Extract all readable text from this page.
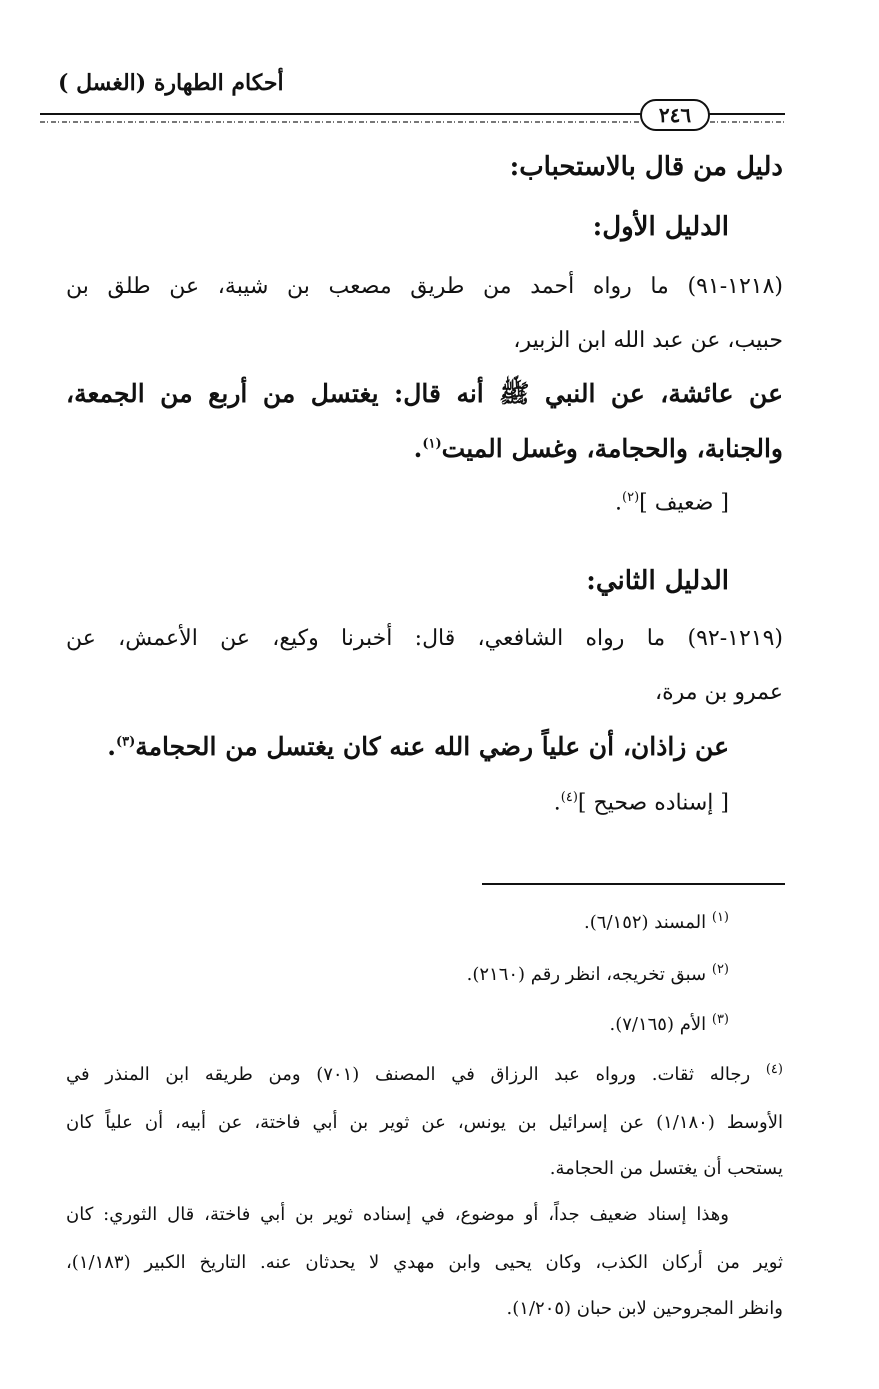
أحكام الطهارة (الغسل )
٢٤٦
دليل من قال بالاستحباب:
الدليل الأول:
(١٢١٨-٩١) ما رواه أحمد من طريق مصعب بن شيبة، عن طلق بن
حبيب، عن عبد الله ابن الزبير،
عن عائشة، عن النبي ﷺ أنه قال: يغتسل من أربع من الجمعة،
والجنابة، والحجامة، وغسل الميت$^{(١)}$.
[ ضعيف ]$^{(٢)}$.
الدليل الثاني:
(١٢١٩-٩٢) ما رواه الشافعي، قال: أخبرنا وكيع، عن الأعمش، عن
عمرو بن مرة،
عن زاذان، أن علياً رضي الله عنه كان يغتسل من الحجامة$^{(٣)}$.
[ إسناده صحيح ]$^{(٤)}$.
$^{(١)}$ المسند (٦/١٥٢).
$^{(٢)}$ سبق تخريجه، انظر رقم (٢١٦٠).
$^{(٣)}$ الأم (٧/١٦٥).
$^{(٤)}$ رجاله ثقات. ورواه عبد الرزاق في المصنف (٧٠١) ومن طريقه ابن المنذر في
الأوسط (١/١٨٠) عن إسرائيل بن يونس، عن ثوير بن أبي فاختة، عن أبيه، أن علياً كان
يستحب أن يغتسل من الحجامة.
وهذا إسناد ضعيف جداً، أو موضوع، في إسناده ثوير بن أبي فاختة، قال الثوري: كان
ثوير من أركان الكذب، وكان يحيى وابن مهدي لا يحدثان عنه. التاريخ الكبير (١/١٨٣)،
وانظر المجروحين لابن حبان (١/٢٠٥).
